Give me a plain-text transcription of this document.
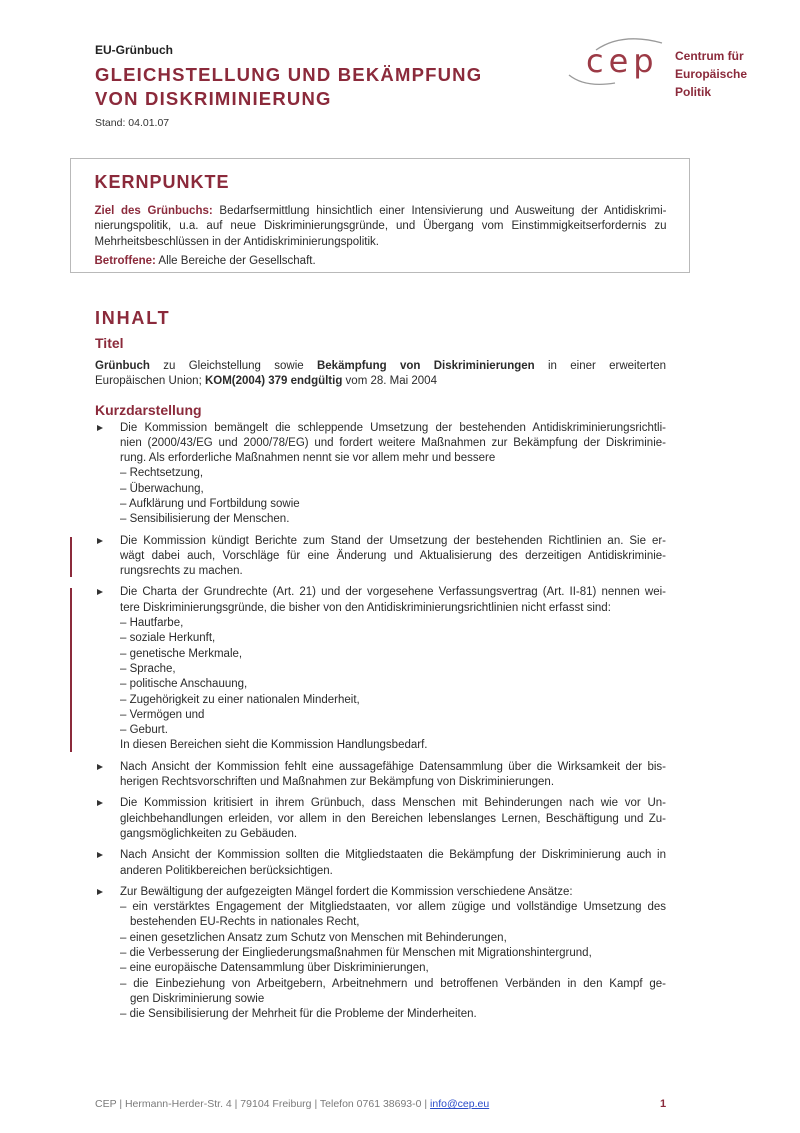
EU-Grünbuch
GLEICHSTELLUNG UND BEKÄMPFUNG
VON DISKRIMINIERUNG
Stand: 04.01.07
cep Centrum für
Europäische
Politik
KERNPUNKTE
Ziel des Grünbuchs: Bedarfsermittlung hinsichtlich einer Intensivierung und Ausweitung der Antidiskrimi-
nierungspolitik, u.a. auf neue Diskriminierungsgründe, und Übergang vom Einstimmigkeitserfordernis zu
Mehrheitsbeschlüssen in der Antidiskriminierungspolitik.
Betroffene: Alle Bereiche der Gesellschaft.
INHALT
Titel
Grünbuch zu Gleichstellung sowie Bekämpfung von Diskriminierungen in einer erweiterten
Europäischen Union; KOM(2004) 379 endgültig vom 28. Mai 2004
Kurzdarstellung
Die Kommission bemängelt die schleppende Umsetzung der bestehenden Antidiskriminierungsrichtli-
nien (2000/43/EG und 2000/78/EG) und fordert weitere Maßnahmen zur Bekämpfung der Diskriminie-
rung. Als erforderliche Maßnahmen nennt sie vor allem mehr und bessere
– Rechtsetzung,
– Überwachung,
– Aufklärung und Fortbildung sowie
– Sensibilisierung der Menschen.
Die Kommission kündigt Berichte zum Stand der Umsetzung der bestehenden Richtlinien an. Sie er-
wägt dabei auch, Vorschläge für eine Änderung und Aktualisierung des derzeitigen Antidiskriminie-
rungsrechts zu machen.
Die Charta der Grundrechte (Art. 21) und der vorgesehene Verfassungsvertrag (Art. II-81) nennen wei-
tere Diskriminierungsgründe, die bisher von den Antidiskriminierungsrichtlinien nicht erfasst sind:
– Hautfarbe,
– soziale Herkunft,
– genetische Merkmale,
– Sprache,
– politische Anschauung,
– Zugehörigkeit zu einer nationalen Minderheit,
– Vermögen und
– Geburt.
In diesen Bereichen sieht die Kommission Handlungsbedarf.
Nach Ansicht der Kommission fehlt eine aussagefähige Datensammlung über die Wirksamkeit der bis-
herigen Rechtsvorschriften und Maßnahmen zur Bekämpfung von Diskriminierungen.
Die Kommission kritisiert in ihrem Grünbuch, dass Menschen mit Behinderungen nach wie vor Un-
gleichbehandlungen erleiden, vor allem in den Bereichen lebenslanges Lernen, Beschäftigung und Zu-
gangsmöglichkeiten zu Gebäuden.
Nach Ansicht der Kommission sollten die Mitgliedstaaten die Bekämpfung der Diskriminierung auch in
anderen Politikbereichen berücksichtigen.
Zur Bewältigung der aufgezeigten Mängel fordert die Kommission verschiedene Ansätze:
– ein verstärktes Engagement der Mitgliedstaaten, vor allem zügige und vollständige Umsetzung des
bestehenden EU-Rechts in nationales Recht,
– einen gesetzlichen Ansatz zum Schutz von Menschen mit Behinderungen,
– die Verbesserung der Eingliederungsmaßnahmen für Menschen mit Migrationshintergrund,
– eine europäische Datensammlung über Diskriminierungen,
– die Einbeziehung von Arbeitgebern, Arbeitnehmern und betroffenen Verbänden in den Kampf ge-
gen Diskriminierung sowie
– die Sensibilisierung der Mehrheit für die Probleme der Minderheiten.
CEP | Hermann-Herder-Str. 4 | 79104 Freiburg | Telefon 0761 38693-0 | info@cep.eu	1
